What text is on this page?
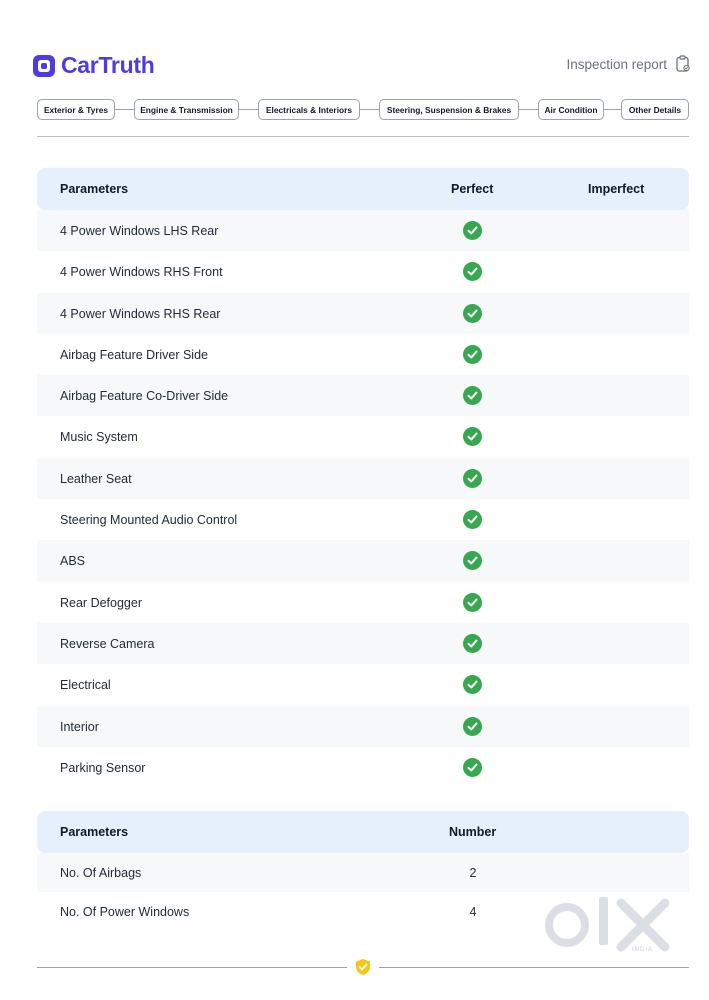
CarTruth	Inspection report
Exterior & Tyres	Engine & Transmission	Electricals & Interiors	Steering, Suspension & Brakes	Air Condition	Other Details
Parameters	Perfect	Imperfect
4 Power Windows LHS Rear
4 Power Windows RHS Front
4 Power Windows RHS Rear
Airbag Feature Driver Side
Airbag Feature Co-Driver Side
Music System
Leather Seat
Steering Mounted Audio Control
ABS
Rear Defogger
Reverse Camera
Electrical
Interior
Parking Sensor
Parameters	Number
No. Of Airbags	2
No. Of Power Windows	4
INDIA
